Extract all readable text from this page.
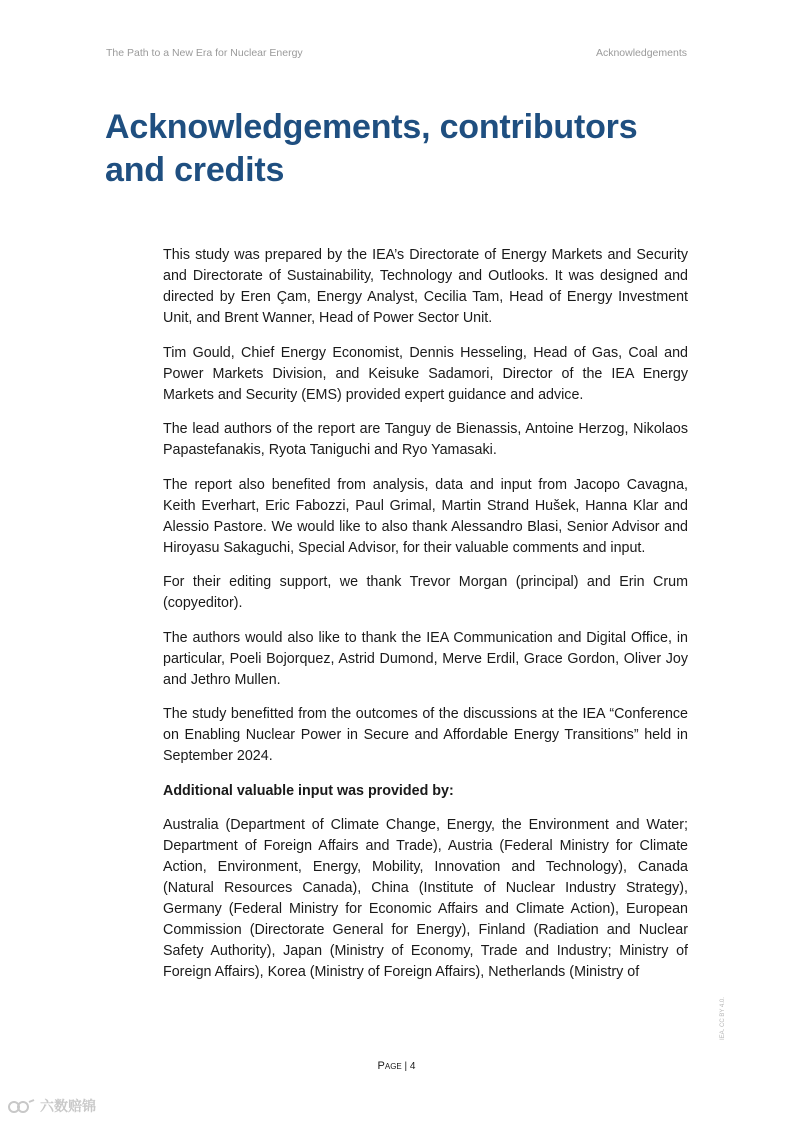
The Path to a New Era for Nuclear Energy	Acknowledgements
Acknowledgements, contributors and credits

This study was prepared by the IEA’s Directorate of Energy Markets and Security and Directorate of Sustainability, Technology and Outlooks. It was designed and directed by Eren Çam, Energy Analyst, Cecilia Tam, Head of Energy Investment Unit, and Brent Wanner, Head of Power Sector Unit.

Tim Gould, Chief Energy Economist, Dennis Hesseling, Head of Gas, Coal and Power Markets Division, and Keisuke Sadamori, Director of the IEA Energy Markets and Security (EMS) provided expert guidance and advice.

The lead authors of the report are Tanguy de Bienassis, Antoine Herzog, Nikolaos Papastefanakis, Ryota Taniguchi and Ryo Yamasaki.

The report also benefited from analysis, data and input from Jacopo Cavagna, Keith Everhart, Eric Fabozzi, Paul Grimal, Martin Strand Hušek, Hanna Klar and Alessio Pastore. We would like to also thank Alessandro Blasi, Senior Advisor and Hiroyasu Sakaguchi, Special Advisor, for their valuable comments and input.

For their editing support, we thank Trevor Morgan (principal) and Erin Crum (copyeditor).

The authors would also like to thank the IEA Communication and Digital Office, in particular, Poeli Bojorquez, Astrid Dumond, Merve Erdil, Grace Gordon, Oliver Joy and Jethro Mullen.

The study benefitted from the outcomes of the discussions at the IEA “Conference on Enabling Nuclear Power in Secure and Affordable Energy Transitions” held in September 2024.

Additional valuable input was provided by:

Australia (Department of Climate Change, Energy, the Environment and Water; Department of Foreign Affairs and Trade), Austria (Federal Ministry for Climate Action, Environment, Energy, Mobility, Innovation and Technology), Canada (Natural Resources Canada), China (Institute of Nuclear Industry Strategy), Germany (Federal Ministry for Economic Affairs and Climate Action), European Commission (Directorate General for Energy), Finland (Radiation and Nuclear Safety Authority), Japan (Ministry of Economy, Trade and Industry; Ministry of Foreign Affairs), Korea (Ministry of Foreign Affairs), Netherlands (Ministry of

Page | 4
IEA. CC BY 4.0.
六数赔锦
